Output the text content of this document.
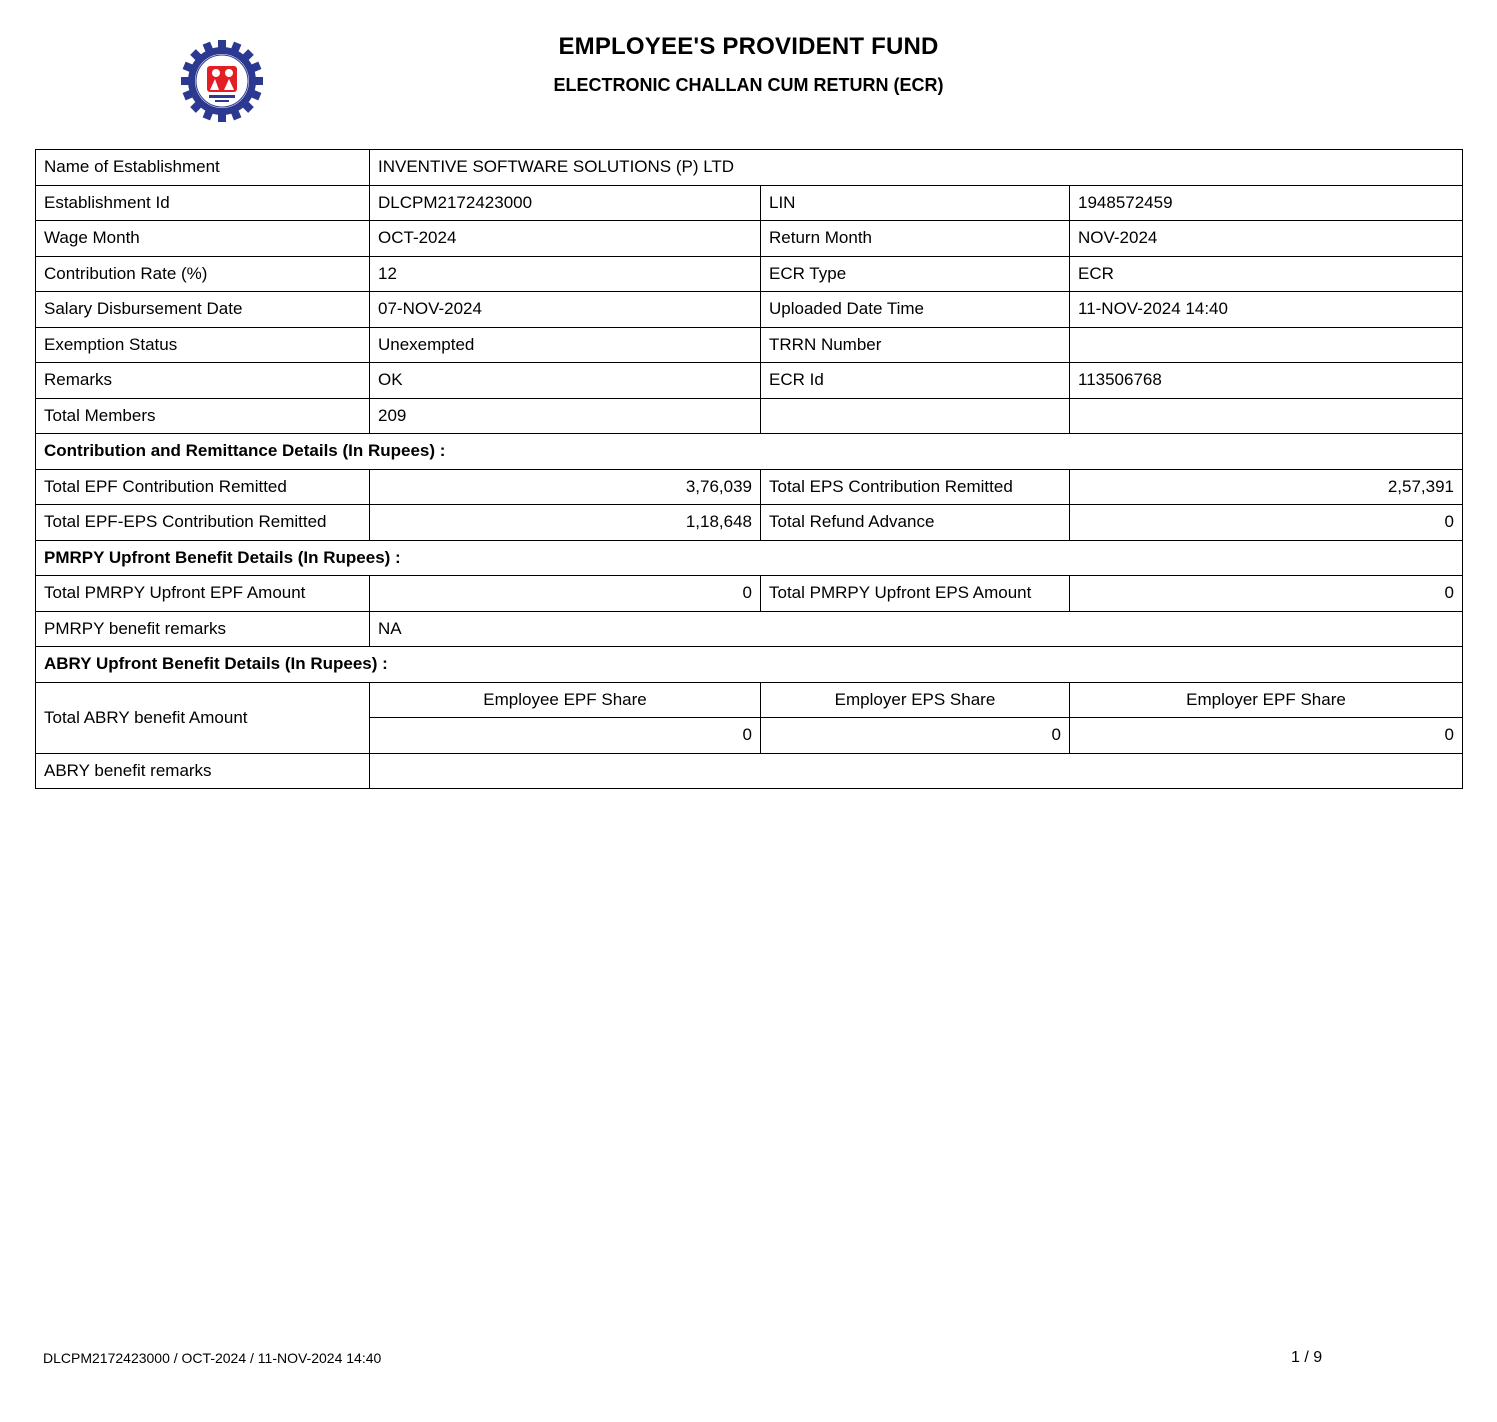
EMPLOYEE'S PROVIDENT FUND
ELECTRONIC CHALLAN CUM RETURN (ECR)
Name of Establishment	INVENTIVE SOFTWARE SOLUTIONS (P) LTD		
Establishment Id	DLCPM2172423000	LIN	1948572459
Wage Month	OCT-2024	Return Month	NOV-2024
Contribution Rate (%)	12	ECR Type	ECR
Salary Disbursement Date	07-NOV-2024	Uploaded Date Time	11-NOV-2024 14:40
Exemption Status	Unexempted	TRRN Number	
Remarks	OK	ECR Id	113506768
Total Members	209		
Contribution and Remittance Details (In Rupees) :			
Total EPF Contribution Remitted	3,76,039	Total EPS Contribution Remitted	2,57,391
Total EPF-EPS Contribution Remitted	1,18,648	Total Refund Advance	0
PMRPY Upfront Benefit Details (In Rupees) :			
Total PMRPY Upfront EPF Amount	0	Total PMRPY Upfront EPS Amount	0
PMRPY benefit remarks	NA		
ABRY Upfront Benefit Details (In Rupees) :			
Total ABRY benefit Amount	Employee EPF Share	Employer EPS Share	Employer EPF Share
	0	0	0
ABRY benefit remarks			
DLCPM2172423000 / OCT-2024 / 11-NOV-2024 14:40	1 / 9
